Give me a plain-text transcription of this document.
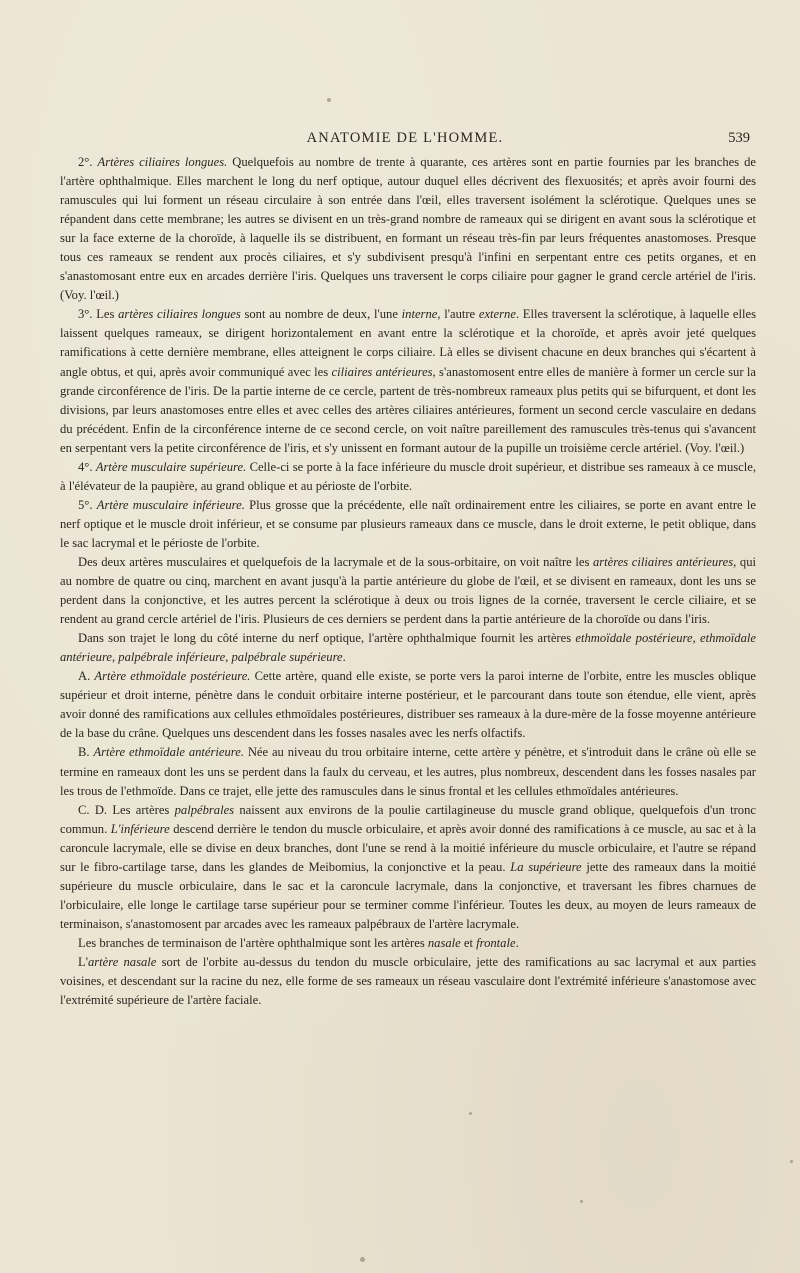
ANATOMIE DE L'HOMME.	539

2°. Artères ciliaires longues. Quelquefois au nombre de trente à quarante, ces artères sont en partie fournies par les branches de l'artère ophthalmique. Elles marchent le long du nerf optique, autour duquel elles décrivent des flexuosités; et après avoir fourni des ramuscules qui lui forment un réseau circulaire à son entrée dans l'œil, elles traversent isolément la sclérotique. Quelques unes se répandent dans cette membrane; les autres se divisent en un très-grand nombre de rameaux qui se dirigent en avant sous la sclérotique et sur la face externe de la choroïde, à laquelle ils se distribuent, en formant un réseau très-fin par leurs fréquentes anastomoses. Presque tous ces rameaux se rendent aux procès ciliaires, et s'y subdivisent presqu'à l'infini en serpentant entre ces petits organes, et en s'anastomosant entre eux en arcades derrière l'iris. Quelques uns traversent le corps ciliaire pour gagner le grand cercle artériel de l'iris. (Voy. l'œil.)

3°. Les artères ciliaires longues sont au nombre de deux, l'une interne, l'autre externe. Elles traversent la sclérotique, à laquelle elles laissent quelques rameaux, se dirigent horizontalement en avant entre la sclérotique et la choroïde, et après avoir jeté quelques ramifications à cette dernière membrane, elles atteignent le corps ciliaire. Là elles se divisent chacune en deux branches qui s'écartent à angle obtus, et qui, après avoir communiqué avec les ciliaires antérieures, s'anastomosent entre elles de manière à former un cercle sur la grande circonférence de l'iris. De la partie interne de ce cercle, partent de très-nombreux rameaux plus petits qui se bifurquent, et dont les divisions, par leurs anastomoses entre elles et avec celles des artères ciliaires antérieures, forment un second cercle vasculaire en dedans du précédent. Enfin de la circonférence interne de ce second cercle, on voit naître pareillement des ramuscules très-tenus qui s'avancent en serpentant vers la petite circonférence de l'iris, et s'y unissent en formant autour de la pupille un troisième cercle artériel. (Voy. l'œil.)

4°. Artère musculaire supérieure. Celle-ci se porte à la face inférieure du muscle droit supérieur, et distribue ses rameaux à ce muscle, à l'élévateur de la paupière, au grand oblique et au périoste de l'orbite.

5°. Artère musculaire inférieure. Plus grosse que la précédente, elle naît ordinairement entre les ciliaires, se porte en avant entre le nerf optique et le muscle droit inférieur, et se consume par plusieurs rameaux dans ce muscle, dans le droit externe, le petit oblique, dans le sac lacrymal et le périoste de l'orbite.

Des deux artères musculaires et quelquefois de la lacrymale et de la sous-orbitaire, on voit naître les artères ciliaires antérieures, qui au nombre de quatre ou cinq, marchent en avant jusqu'à la partie antérieure du globe de l'œil, et se divisent en rameaux, dont les uns se perdent dans la conjonctive, et les autres percent la sclérotique à deux ou trois lignes de la cornée, traversent le cercle ciliaire, et se rendent au grand cercle artériel de l'iris. Plusieurs de ces derniers se perdent dans la partie antérieure de la choroïde ou dans l'iris.

Dans son trajet le long du côté interne du nerf optique, l'artère ophthalmique fournit les artères ethmoïdale postérieure, ethmoïdale antérieure, palpébrale inférieure, palpébrale supérieure.

A. Artère ethmoïdale postérieure. Cette artère, quand elle existe, se porte vers la paroi interne de l'orbite, entre les muscles oblique supérieur et droit interne, pénètre dans le conduit orbitaire interne postérieur, et le parcourant dans toute son étendue, elle vient, après avoir donné des ramifications aux cellules ethmoïdales postérieures, distribuer ses rameaux à la dure-mère de la fosse moyenne antérieure de la base du crâne. Quelques uns descendent dans les fosses nasales avec les nerfs olfactifs.

B. Artère ethmoïdale antérieure. Née au niveau du trou orbitaire interne, cette artère y pénètre, et s'introduit dans le crâne où elle se termine en rameaux dont les uns se perdent dans la faulx du cerveau, et les autres, plus nombreux, descendent dans les fosses nasales par les trous de l'ethmoïde. Dans ce trajet, elle jette des ramuscules dans le sinus frontal et les cellules ethmoïdales antérieures.

C. D. Les artères palpébrales naissent aux environs de la poulie cartilagineuse du muscle grand oblique, quelquefois d'un tronc commun. L'inférieure descend derrière le tendon du muscle orbiculaire, et après avoir donné des ramifications à ce muscle, au sac et à la caroncule lacrymale, elle se divise en deux branches, dont l'une se rend à la moitié inférieure du muscle orbiculaire, et l'autre se répand sur le fibro-cartilage tarse, dans les glandes de Meibomius, la conjonctive et la peau. La supérieure jette des rameaux dans la moitié supérieure du muscle orbiculaire, dans le sac et la caroncule lacrymale, dans la conjonctive, et traversant les fibres charnues de l'orbiculaire, elle longe le cartilage tarse supérieur pour se terminer comme l'inférieur. Toutes les deux, au moyen de leurs rameaux de terminaison, s'anastomosent par arcades avec les rameaux palpébraux de l'artère lacrymale.

Les branches de terminaison de l'artère ophthalmique sont les artères nasale et frontale.

L'artère nasale sort de l'orbite au-dessus du tendon du muscle orbiculaire, jette des ramifications au sac lacrymal et aux parties voisines, et descendant sur la racine du nez, elle forme de ses rameaux un réseau vasculaire dont l'extrémité inférieure s'anastomose avec l'extrémité supérieure de l'artère faciale.
